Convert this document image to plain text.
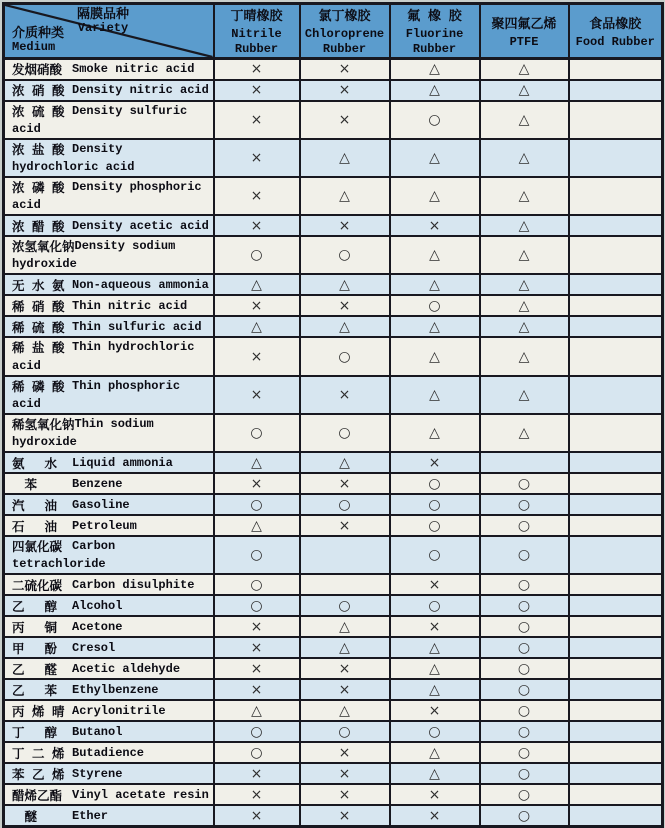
隔膜品种
Variety
介质种类
Medium

丁晴橡胶
Nitrile Rubber

氯丁橡胶
Chloroprene Rubber

氟 橡 胶
Fluorine Rubber

聚四氟乙烯
PTFE

食品橡胶
Food Rubber

发烟硝酸 Smoke nitric acid	×	×	△	△	
浓 硝 酸 Density nitric acid	×	×	△	△	
浓 硫 酸 Density sulfuric acid	×	×	○	△	
浓 盐 酸 Density hydrochloric acid	×	△	△	△	
浓 磷 酸 Density phosphoric acid	×	△	△	△	
浓 醋 酸 Density acetic acid	×	×	×	△	
浓氢氧化钠Density sodium hydroxide	○	○	△	△	
无 水 氨 Non-aqueous ammonia	△	△	△	△	
稀 硝 酸 Thin nitric acid	×	×	○	△	
稀 硫 酸 Thin sulfuric acid	△	△	△	△	
稀 盐 酸 Thin hydrochloric acid	×	○	△	△	
稀 磷 酸 Thin phosphoric acid	×	×	△	△	
稀氢氧化钠Thin sodium hydroxide	○	○	△	△	
氨　 水 Liquid ammonia	△	△	×		
　苯 Benzene	×	×	○	○	
汽　 油 Gasoline	○	○	○	○	
石　 油 Petroleum	△	×	○	○	
四氯化碳 Carbon tetrachloride	○		○	○	
二硫化碳 Carbon disulphite	○		×	○	
乙　 醇 Alcohol	○	○	○	○	
丙　 铜 Acetone	×	△	×	○	
甲　 酚 Cresol	×	△	△	○	
乙　 醛 Acetic aldehyde	×	×	△	○	
乙　 苯 Ethylbenzene	×	×	△	○	
丙 烯 晴 Acrylonitrile	△	△	×	○	
丁　 醇 Butanol	○	○	○	○	
丁 二 烯 Butadience	○	×	△	○	
苯 乙 烯 Styrene	×	×	△	○	
醋烯乙酯 Vinyl acetate resin	×	×	×	○	
　醚 Ether	×	×	×	○	
